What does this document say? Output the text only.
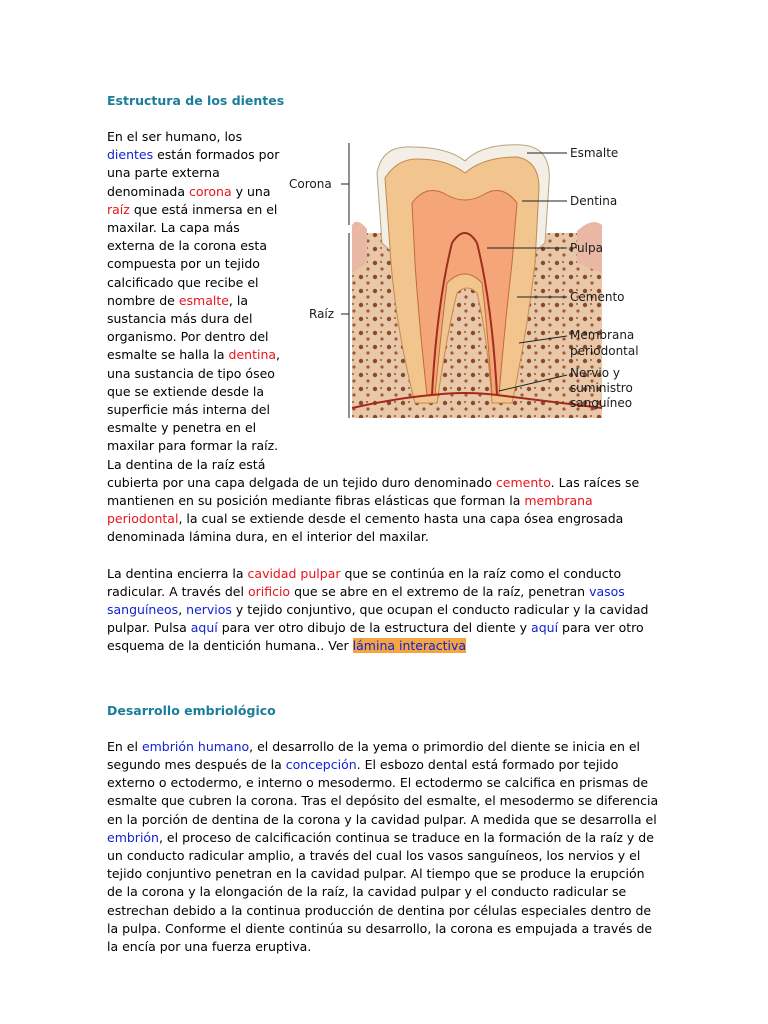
Estructura de los dientes

En el ser humano, los dientes están formados por una parte externa denominada corona y una raíz que está inmersa en el maxilar. La capa más externa de la corona esta compuesta por un tejido calcificado que recibe el nombre de esmalte, la sustancia más dura del organismo. Por dentro del esmalte se halla la dentina, una sustancia de tipo óseo que se extiende desde la superficie más interna del esmalte y penetra en el maxilar para formar la raíz. La dentina de la raíz está

cubierta por una capa delgada de un tejido duro denominado cemento. Las raíces se mantienen en su posición mediante fibras elásticas que forman la membrana periodontal, la cual se extiende desde el cemento hasta una capa ósea engrosada denominada lámina dura, en el interior del maxilar.

La dentina encierra la cavidad pulpar que se continúa en la raíz como el conducto radicular. A través del orificio que se abre en el extremo de la raíz, penetran vasos sanguíneos, nervios y tejido conjuntivo, que ocupan el conducto radicular y la cavidad pulpar. Pulsa aquí para ver otro dibujo de la estructura del diente y aquí para ver otro esquema de la dentición humana.. Ver lámina interactiva

Desarrollo embriológico

En el embrión humano, el desarrollo de la yema o primordio del diente se inicia en el segundo mes después de la concepción. El esbozo dental está formado por tejido externo o ectodermo, e interno o mesodermo. El ectodermo se calcifica en prismas de esmalte que cubren la corona. Tras el depósito del esmalte, el mesodermo se diferencia en la porción de dentina de la corona y la cavidad pulpar. A medida que se desarrolla el embrión, el proceso de calcificación continua se traduce en la formación de la raíz y de un conducto radicular amplio, a través del cual los vasos sanguíneos, los nervios y el tejido conjuntivo penetran en la cavidad pulpar. Al tiempo que se produce la erupción de la corona y la elongación de la raíz, la cavidad pulpar y el conducto radicular se estrechan debido a la continua producción de dentina por células especiales dentro de la pulpa. Conforme el diente continúa su desarrollo, la corona es empujada a través de la encía por una fuerza eruptiva.

Corona
Raíz
Esmalte
Dentina
Pulpa
Cemento
Membrana
periodontal
Nervio y
suministro
sanguíneo
